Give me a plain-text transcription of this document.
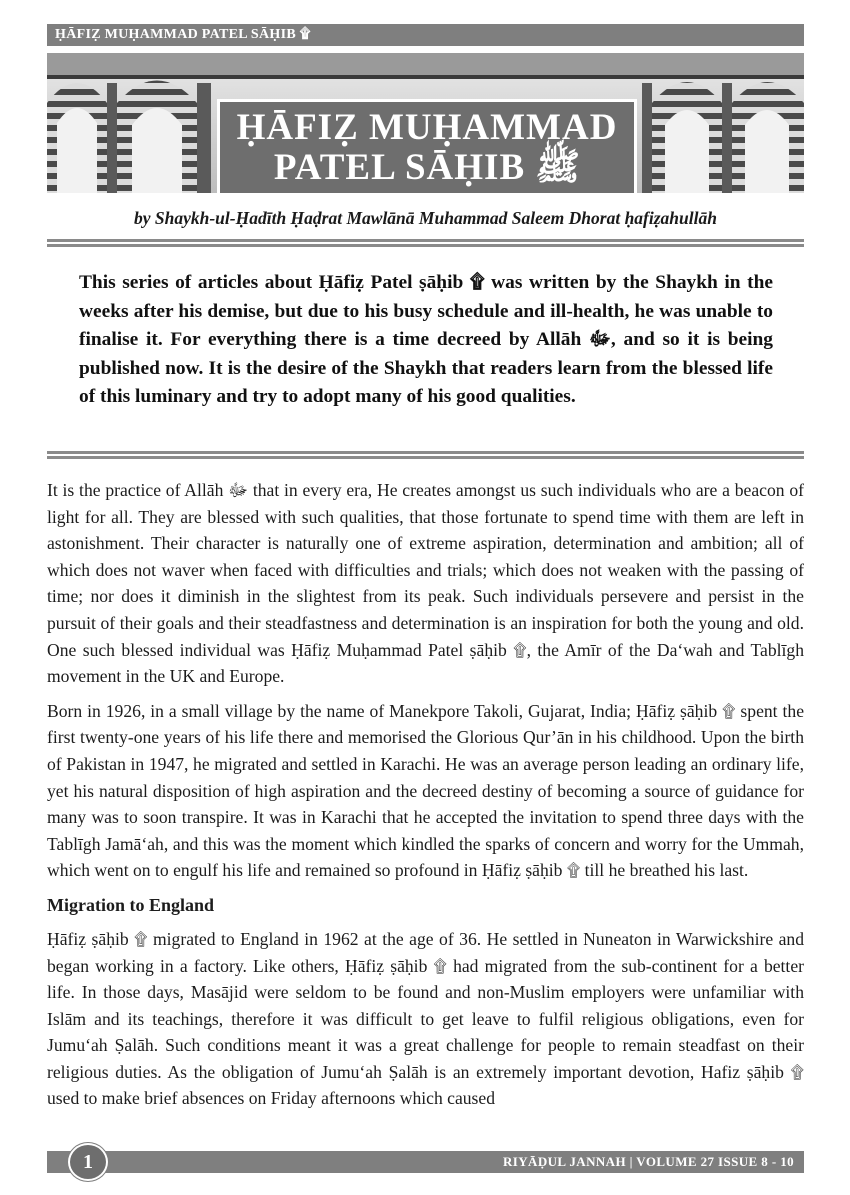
ḤĀFIẒ MUḤAMMAD PATEL SĀḤIB ۩
ḤĀFIẒ MUḤAMMAD
PATEL SĀḤIB ﷺ
by Shaykh-ul-Ḥadīth Ḥaḍrat Mawlānā Muhammad Saleem Dhorat ḥafiẓahullāh
This series of articles about Ḥāfiẓ Patel ṣāḥib ۩ was written by the Shaykh in the weeks after his demise, but due to his busy schedule and ill-health, he was unable to finalise it. For everything there is a time decreed by Allāh ﷻ, and so it is being published now. It is the desire of the Shaykh that readers learn from the blessed life of this luminary and try to adopt many of his good qualities.

It is the practice of Allāh ﷻ that in every era, He creates amongst us such individuals who are a beacon of light for all. They are blessed with such qualities, that those fortunate to spend time with them are left in astonishment. Their character is naturally one of extreme aspiration, determination and ambition; all of which does not waver when faced with difficulties and trials; which does not weaken with the passing of time; nor does it diminish in the slightest from its peak. Such individuals persevere and persist in the pursuit of their goals and their steadfastness and determination is an inspiration for both the young and old. One such blessed individual was Ḥāfiẓ Muḥammad Patel ṣāḥib ۩, the Amīr of the Da‘wah and Tablīgh movement in the UK and Europe.

Born in 1926, in a small village by the name of Manekpore Takoli, Gujarat, India; Ḥāfiẓ ṣāḥib ۩ spent the first twenty-one years of his life there and memorised the Glorious Qur’ān in his childhood. Upon the birth of Pakistan in 1947, he migrated and settled in Karachi. He was an average person leading an ordinary life, yet his natural disposition of high aspiration and the decreed destiny of becoming a source of guidance for many was to soon transpire. It was in Karachi that he accepted the invitation to spend three days with the Tablīgh Jamā‘ah, and this was the moment which kindled the sparks of concern and worry for the Ummah, which went on to engulf his life and remained so profound in Ḥāfiẓ ṣāḥib ۩ till he breathed his last.

Migration to England

Ḥāfiẓ ṣāḥib ۩ migrated to England in 1962 at the age of 36. He settled in Nuneaton in Warwickshire and began working in a factory. Like others, Ḥāfiẓ ṣāḥib ۩ had migrated from the sub-continent for a better life. In those days, Masājid were seldom to be found and non-Muslim employers were unfamiliar with Islām and its teachings, therefore it was difficult to get leave to fulfil religious obligations, even for Jumu‘ah Ṣalāh. Such conditions meant it was a great challenge for people to remain steadfast on their religious duties. As the obligation of Jumu‘ah Ṣalāh is an extremely important devotion, Hafiz ṣāḥib ۩ used to make brief absences on Friday afternoons which caused

RIYĀḌUL JANNAH | VOLUME 27 ISSUE 8 - 10
1
